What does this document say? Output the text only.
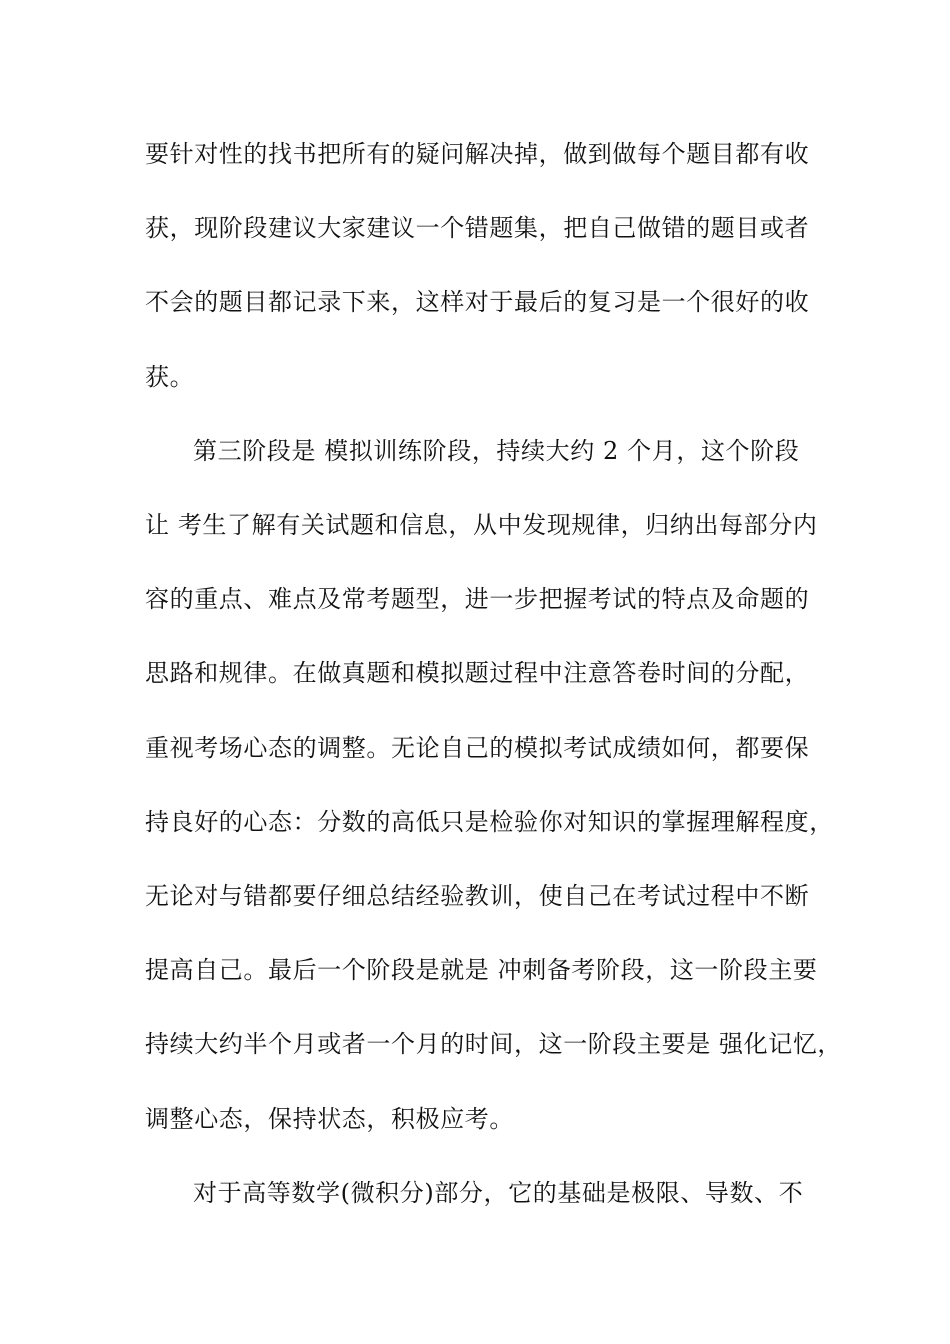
要针对性的找书把所有的疑问解决掉，做到做每个题目都有收
获，现阶段建议大家建议一个错题集，把自己做错的题目或者
不会的题目都记录下来，这样对于最后的复习是一个很好的收
获。
第三阶段是 模拟训练阶段，持续大约 2 个月，这个阶段
让 考生了解有关试题和信息，从中发现规律，归纳出每部分内
容的重点、难点及常考题型，进一步把握考试的特点及命题的
思路和规律。在做真题和模拟题过程中注意答卷时间的分配，
重视考场心态的调整。无论自己的模拟考试成绩如何，都要保
持良好的心态：分数的高低只是检验你对知识的掌握理解程度，
无论对与错都要仔细总结经验教训，使自己在考试过程中不断
提高自己。最后一个阶段是就是 冲刺备考阶段，这一阶段主要
持续大约半个月或者一个月的时间，这一阶段主要是 强化记忆，
调整心态，保持状态，积极应考。
对于高等数学(微积分)部分，它的基础是极限、导数、不
